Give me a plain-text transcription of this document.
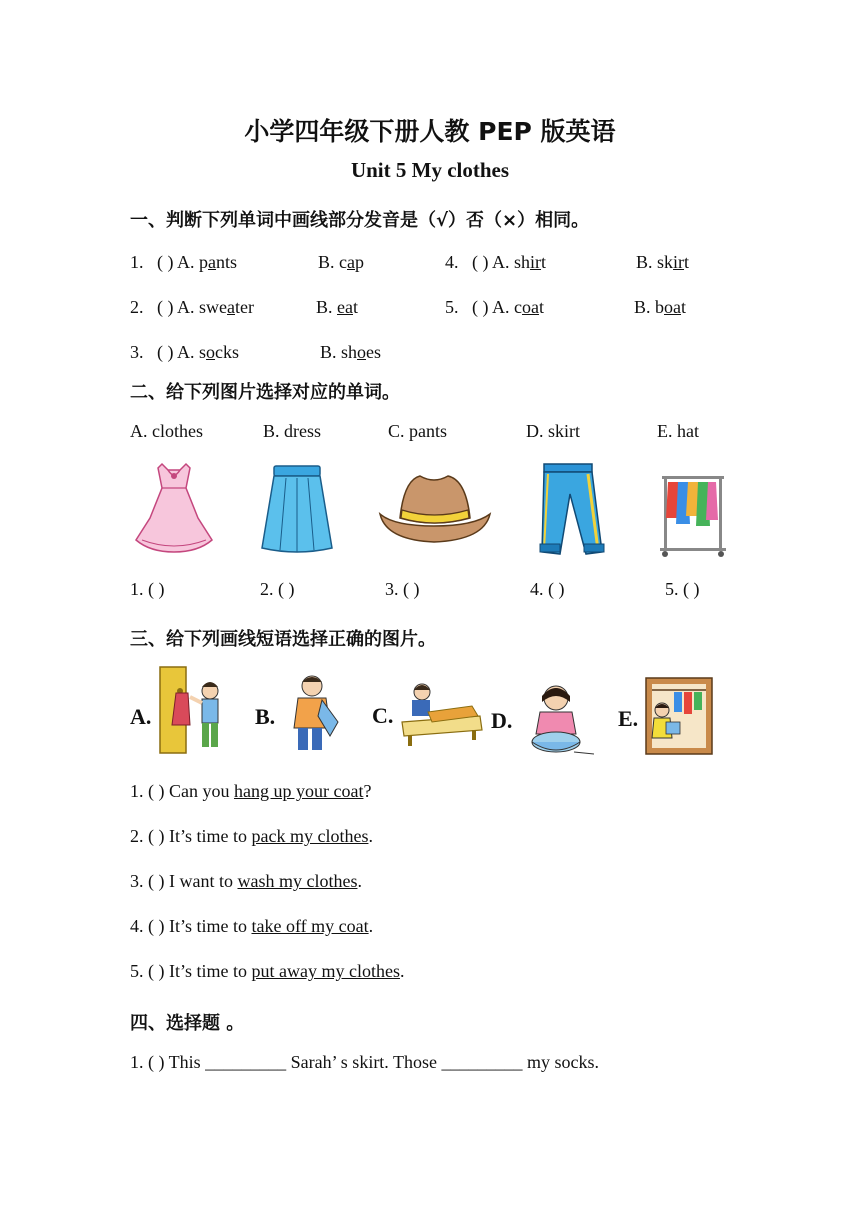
小学四年级下册人教 PEP 版英语
Unit 5 My clothes
一、判断下列单词中画线部分发音是（√）否（×）相同。
1. ( ) A. pants	B. cap
2. ( ) A. sweater	B. eat
3. ( ) A. socks	B. shoes
4. ( ) A. shirt	B. skirt
5. ( ) A. coat	B. boat
二、给下列图片选择对应的单词。
A. clothes	B. dress	C. pants	D. skirt	E. hat
1. ( )	2. ( )	3. ( )	4. ( )	5. ( )
三、给下列画线短语选择正确的图片。
A.	B.	C.	D.	E.
1. ( ) Can you hang up your coat?
2. ( ) It’s time to pack my clothes.
3. ( ) I want to wash my clothes.
4. ( ) It’s time to take off my coat.
5. ( ) It’s time to put away my clothes.
四、选择题 。
1. ( ) This _________ Sarah’ s skirt. Those _________ my socks.
